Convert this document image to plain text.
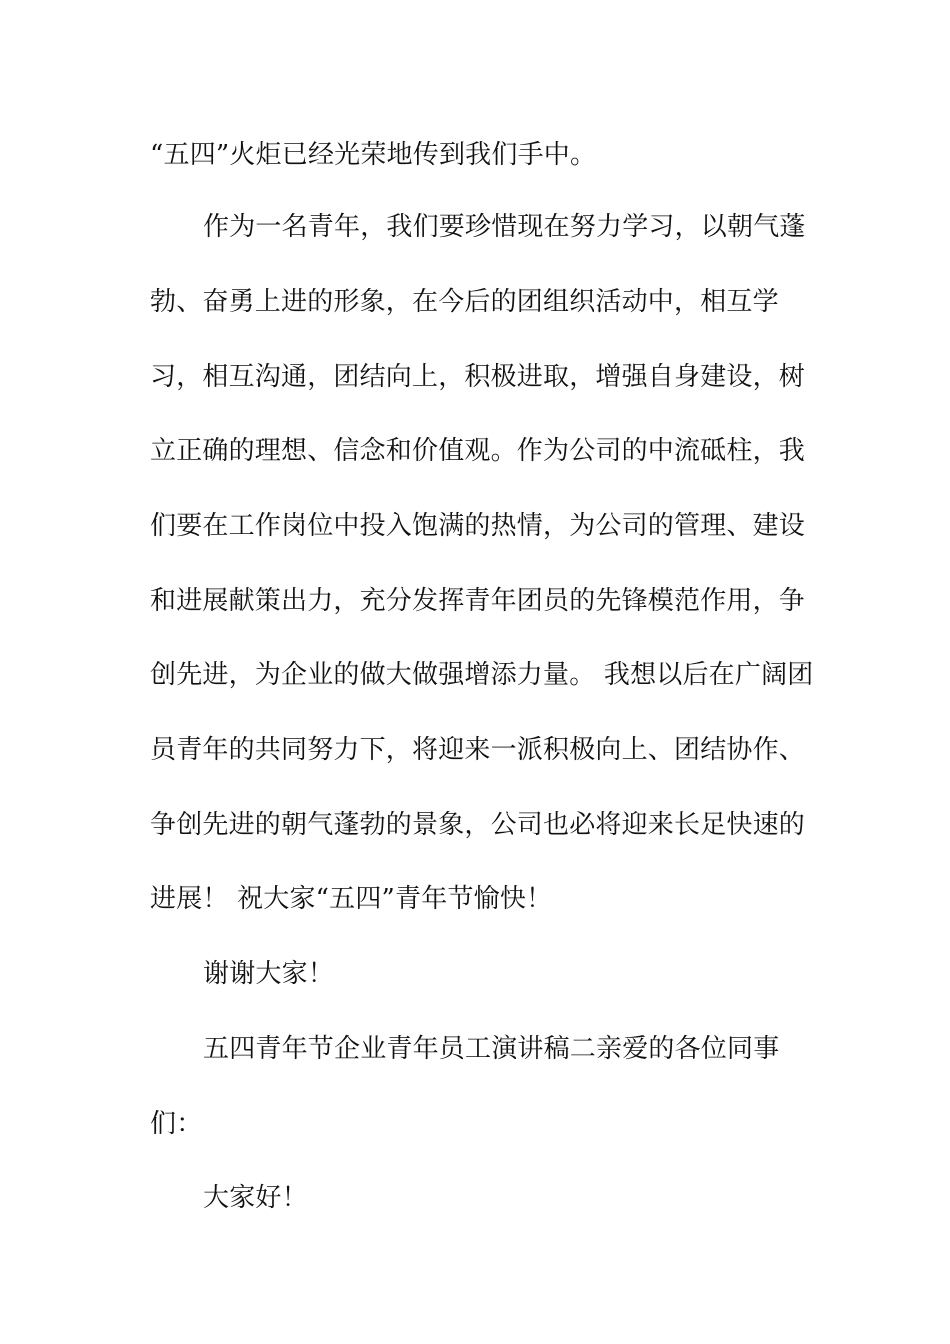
“五四”火炬已经光荣地传到我们手中。
作为一名青年，我们要珍惜现在努力学习，以朝气蓬
勃、奋勇上进的形象，在今后的团组织活动中，相互学
习，相互沟通，团结向上，积极进取，增强自身建设，树
立正确的理想、信念和价值观。作为公司的中流砥柱，我
们要在工作岗位中投入饱满的热情，为公司的管理、建设
和进展献策出力，充分发挥青年团员的先锋模范作用，争
创先进，为企业的做大做强增添力量。 我想以后在广阔团
员青年的共同努力下，将迎来一派积极向上、团结协作、
争创先进的朝气蓬勃的景象，公司也必将迎来长足快速的
进展！ 祝大家“五四”青年节愉快！
谢谢大家！
五四青年节企业青年员工演讲稿二亲爱的各位同事
们：
大家好！
